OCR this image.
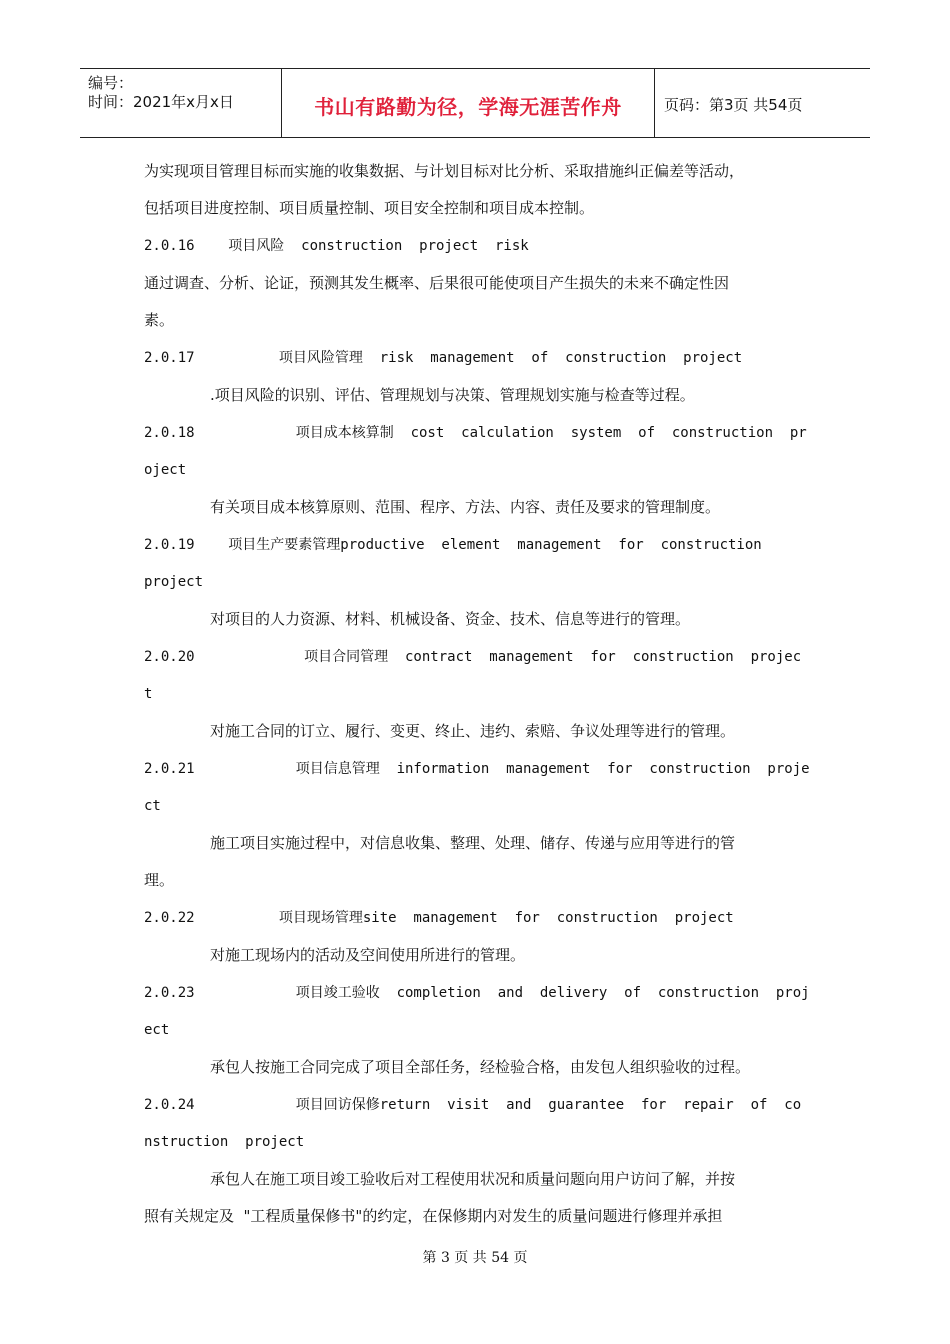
编号：
时间：2021年x月x日	书山有路勤为径，学海无涯苦作舟	页码：第3页 共54页
为实现项目管理目标而实施的收集数据、与计划目标对比分析、采取措施纠正偏差等活动，
包括项目进度控制、项目质量控制、项目安全控制和项目成本控制。
2.0.16    项目风险  construction  project  risk
通过调查、分析、论证，预测其发生概率、后果很可能使项目产生损失的未来不确定性因
素。
2.0.17          项目风险管理  risk  management  of  construction  project
.项目风险的识别、评估、管理规划与决策、管理规划实施与检查等过程。
2.0.18            项目成本核算制  cost  calculation  system  of  construction  pr
oject
有关项目成本核算原则、范围、程序、方法、内容、责任及要求的管理制度。
2.0.19    项目生产要素管理productive  element  management  for  construction
project
对项目的人力资源、材料、机械设备、资金、技术、信息等进行的管理。
2.0.20             项目合同管理  contract  management  for  construction  projec
t
对施工合同的订立、履行、变更、终止、违约、索赔、争议处理等进行的管理。
2.0.21            项目信息管理  information  management  for  construction  proje
ct
施工项目实施过程中，对信息收集、整理、处理、储存、传递与应用等进行的管
理。
2.0.22          项目现场管理site  management  for  construction  project
对施工现场内的活动及空间使用所进行的管理。
2.0.23            项目竣工验收  completion  and  delivery  of  construction  proj
ect
承包人按施工合同完成了项目全部任务，经检验合格，由发包人组织验收的过程。
2.0.24            项目回访保修return  visit  and  guarantee  for  repair  of  co
nstruction  project
承包人在施工项目竣工验收后对工程使用状况和质量问题向用户访问了解，并按
照有关规定及  "工程质量保修书"的约定，在保修期内对发生的质量问题进行修理并承担
第 3 页 共 54 页
